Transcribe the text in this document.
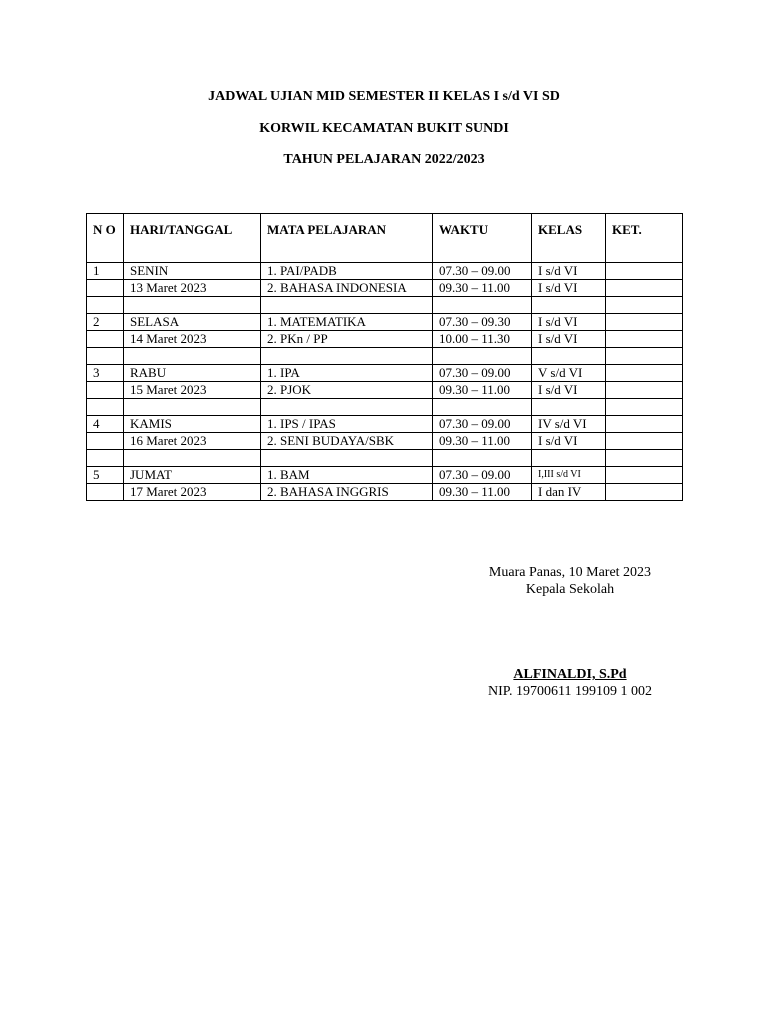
JADWAL UJIAN MID SEMESTER II KELAS I s/d VI SD
KORWIL KECAMATAN BUKIT SUNDI
TAHUN PELAJARAN 2022/2023
N O	HARI/TANGGAL	MATA PELAJARAN	WAKTU	KELAS	KET.
1	SENIN	1. PAI/PADB	07.30 – 09.00	I s/d VI	
	13 Maret 2023	2. BAHASA INDONESIA	09.30 – 11.00	I s/d VI	

2	SELASA	1. MATEMATIKA	07.30 – 09.30	I s/d VI	
	14 Maret 2023	2. PKn / PP	10.00 – 11.30	I s/d VI	

3	RABU	1. IPA	07.30 – 09.00	V s/d VI	
	15 Maret 2023	2. PJOK	09.30 – 11.00	I s/d VI	

4	KAMIS	1. IPS / IPAS	07.30 – 09.00	IV s/d VI	
	16 Maret 2023	2. SENI BUDAYA/SBK	09.30 – 11.00	I s/d VI	

5	JUMAT	1. BAM	07.30 – 09.00	I,III s/d VI	
	17 Maret 2023	2. BAHASA INGGRIS	09.30 – 11.00	I dan IV	
Muara Panas, 10 Maret 2023
Kepala Sekolah
ALFINALDI, S.Pd
NIP. 19700611 199109 1 002
